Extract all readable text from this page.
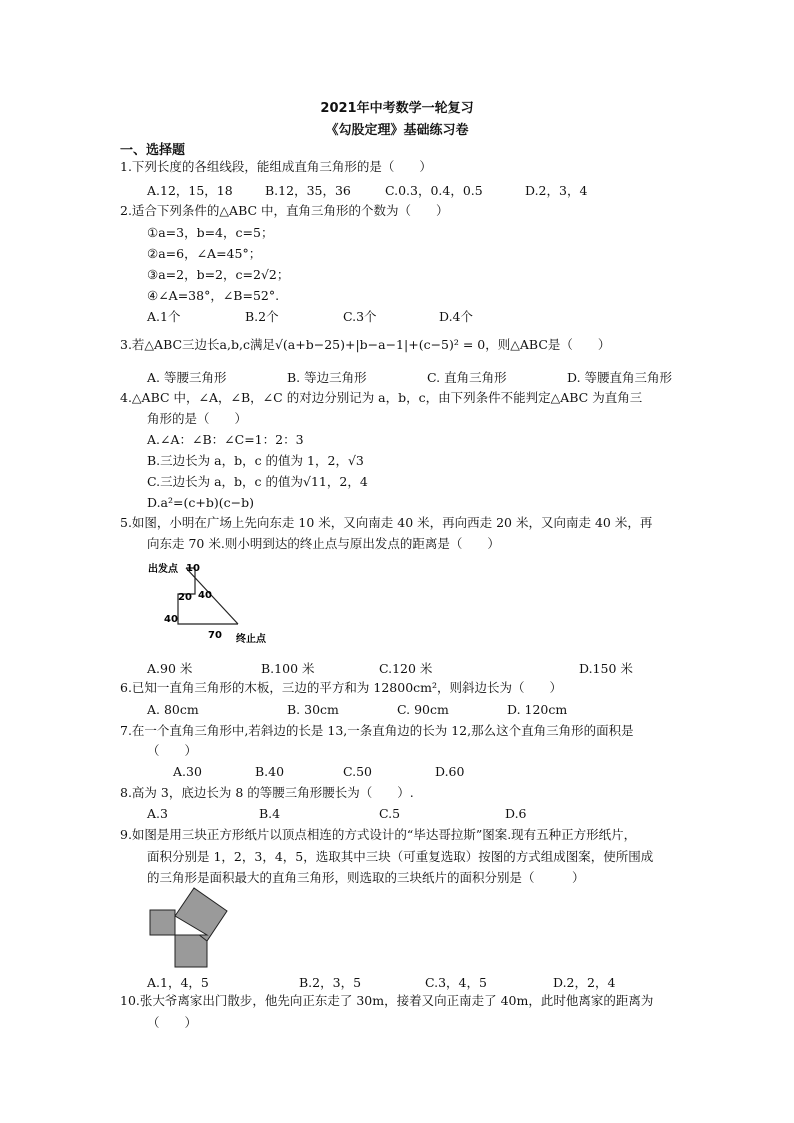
2021年中考数学一轮复习
《勾股定理》基础练习卷
一、选择题
1.下列长度的各组线段，能组成直角三角形的是（　　）
A.12，15，18	B.12，35，36	C.0.3，0.4，0.5	D.2，3，4
2.适合下列条件的△ABC 中，直角三角形的个数为（　　）
①a=3，b=4，c=5；
②a=6，∠A=45°；
③a=2，b=2，c=2√2；
④∠A=38°，∠B=52°.
A.1个	B.2个	C.3个	D.4个
3.若△ABC三边长a,b,c满足√(a+b−25)+|b−a−1|+(c−5)² = 0，则△ABC是（　　）
A. 等腰三角形	B. 等边三角形	C. 直角三角形	D. 等腰直角三角形
4.△ABC 中，∠A，∠B，∠C 的对边分别记为 a，b，c，由下列条件不能判定△ABC 为直角三
角形的是（　　）
A.∠A：∠B：∠C=1：2：3
B.三边长为 a，b，c 的值为 1，2，√3
C.三边长为 a，b，c 的值为√11，2，4
D.a²=(c+b)(c−b)
5.如图，小明在广场上先向东走 10 米，又向南走 40 米，再向西走 20 米，又向南走 40 米，再
向东走 70 米.则小明到达的终止点与原出发点的距离是（　　）
出发点 10
20 40
40
70 终止点
A.90 米	B.100 米	C.120 米	D.150 米
6.已知一直角三角形的木板，三边的平方和为 12800cm²，则斜边长为（　　）
A. 80cm	B. 30cm	C. 90cm	D. 120cm
7.在一个直角三角形中,若斜边的长是 13,一条直角边的长为 12,那么这个直角三角形的面积是
（　　）
A.30	B.40	C.50	D.60
8.高为 3，底边长为 8 的等腰三角形腰长为（　　）.
A.3	B.4	C.5	D.6
9.如图是用三块正方形纸片以顶点相连的方式设计的“毕达哥拉斯”图案.现有五种正方形纸片，
面积分别是 1，2，3，4，5，选取其中三块（可重复选取）按图的方式组成图案，使所围成
的三角形是面积最大的直角三角形，则选取的三块纸片的面积分别是（　　　）
A.1，4，5	B.2，3，5	C.3，4，5	D.2，2，4
10.张大爷离家出门散步，他先向正东走了 30m，接着又向正南走了 40m，此时他离家的距离为
（　　）
